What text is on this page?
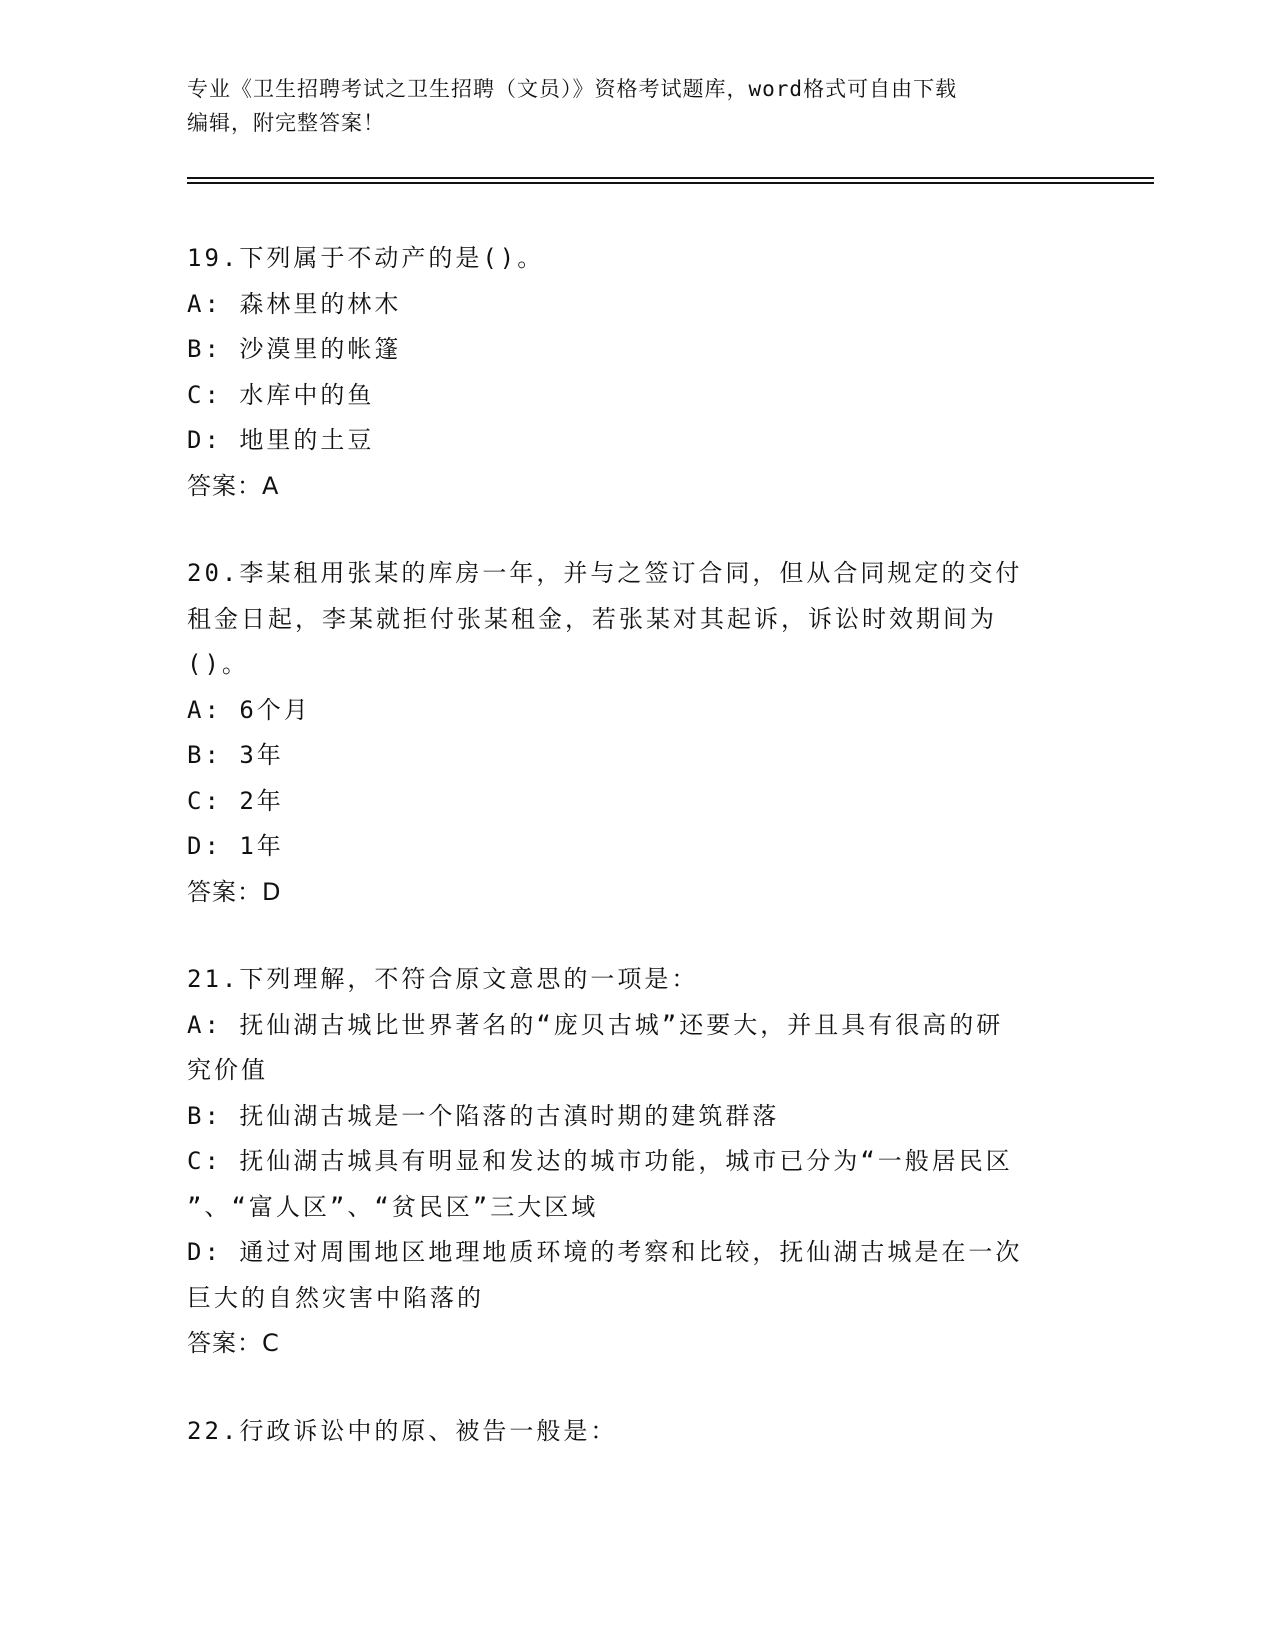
专业《卫生招聘考试之卫生招聘（文员）》资格考试题库，word格式可自由下载
编辑，附完整答案！
19.下列属于不动产的是()。
A: 森林里的林木
B: 沙漠里的帐篷
C: 水库中的鱼
D: 地里的土豆
答案：A
20.李某租用张某的库房一年，并与之签订合同，但从合同规定的交付
租金日起，李某就拒付张某租金，若张某对其起诉，诉讼时效期间为
()。
A: 6个月
B: 3年
C: 2年
D: 1年
答案：D
21.下列理解，不符合原文意思的一项是：
A: 抚仙湖古城比世界著名的“庞贝古城”还要大，并且具有很高的研
究价值
B: 抚仙湖古城是一个陷落的古滇时期的建筑群落
C: 抚仙湖古城具有明显和发达的城市功能，城市已分为“一般居民区
”、“富人区”、“贫民区”三大区域
D: 通过对周围地区地理地质环境的考察和比较，抚仙湖古城是在一次
巨大的自然灾害中陷落的
答案：C
22.行政诉讼中的原、被告一般是：
